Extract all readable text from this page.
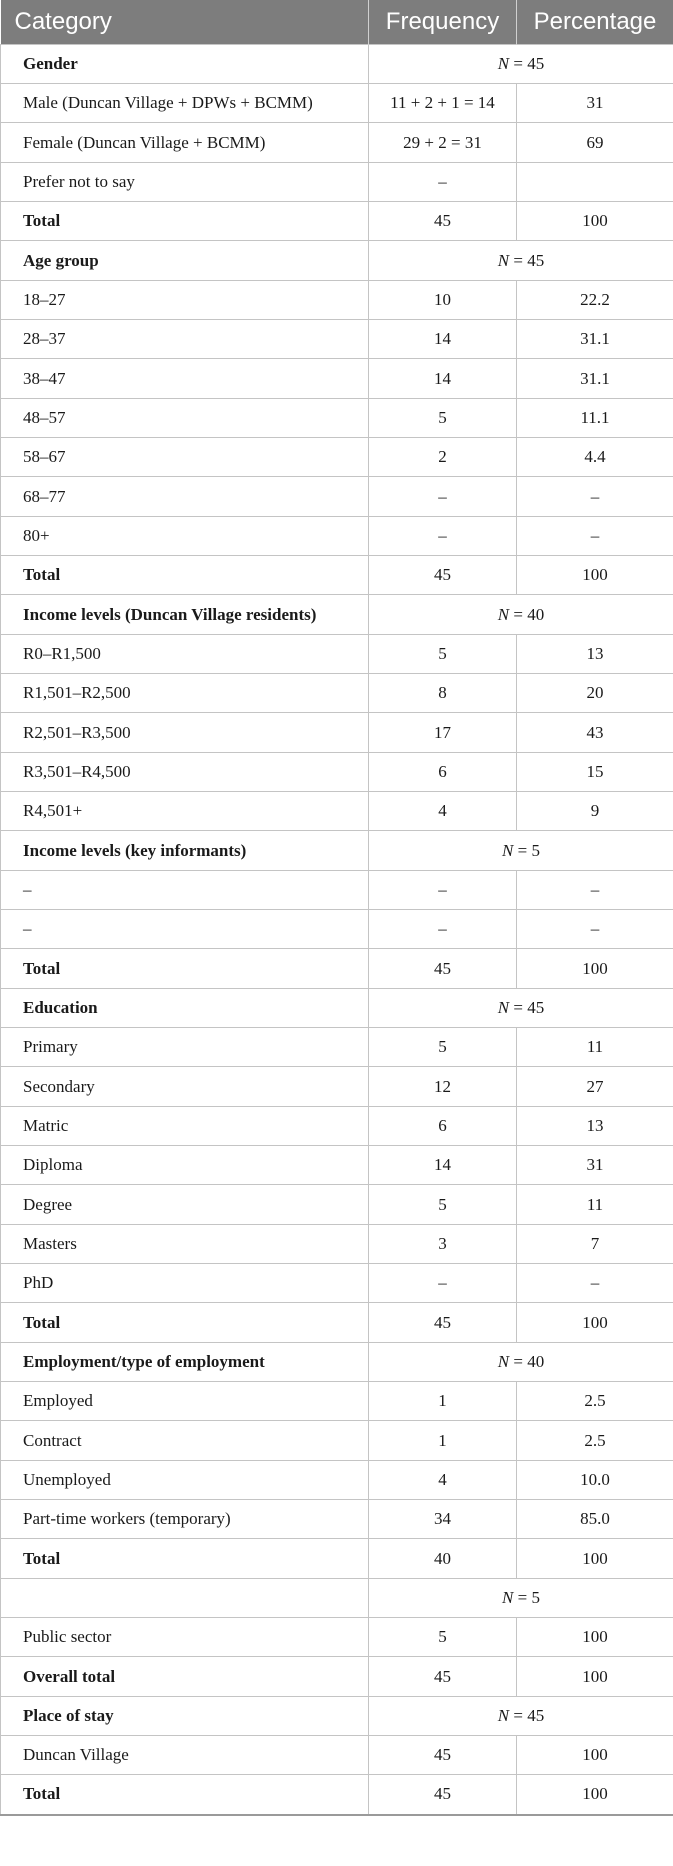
Category	Frequency	Percentage
Gender	N = 45	
Male (Duncan Village + DPWs + BCMM)	11 + 2 + 1 = 14	31
Female (Duncan Village + BCMM)	29 + 2 = 31	69
Prefer not to say	–	
Total	45	100
Age group	N = 45	
18–27	10	22.2
28–37	14	31.1
38–47	14	31.1
48–57	5	11.1
58–67	2	4.4
68–77	–	–
80+	–	–
Total	45	100
Income levels (Duncan Village residents)	N = 40	
R0–R1,500	5	13
R1,501–R2,500	8	20
R2,501–R3,500	17	43
R3,501–R4,500	6	15
R4,501+	4	9
Income levels (key informants)	N = 5	
–	–	–
–	–	–
Total	45	100
Education	N = 45	
Primary	5	11
Secondary	12	27
Matric	6	13
Diploma	14	31
Degree	5	11
Masters	3	7
PhD	–	–
Total	45	100
Employment/type of employment	N = 40	
Employed	1	2.5
Contract	1	2.5
Unemployed	4	10.0
Part-time workers (temporary)	34	85.0
Total	40	100
	N = 5	
Public sector	5	100
Overall total	45	100
Place of stay	N = 45	
Duncan Village	45	100
Total	45	100
